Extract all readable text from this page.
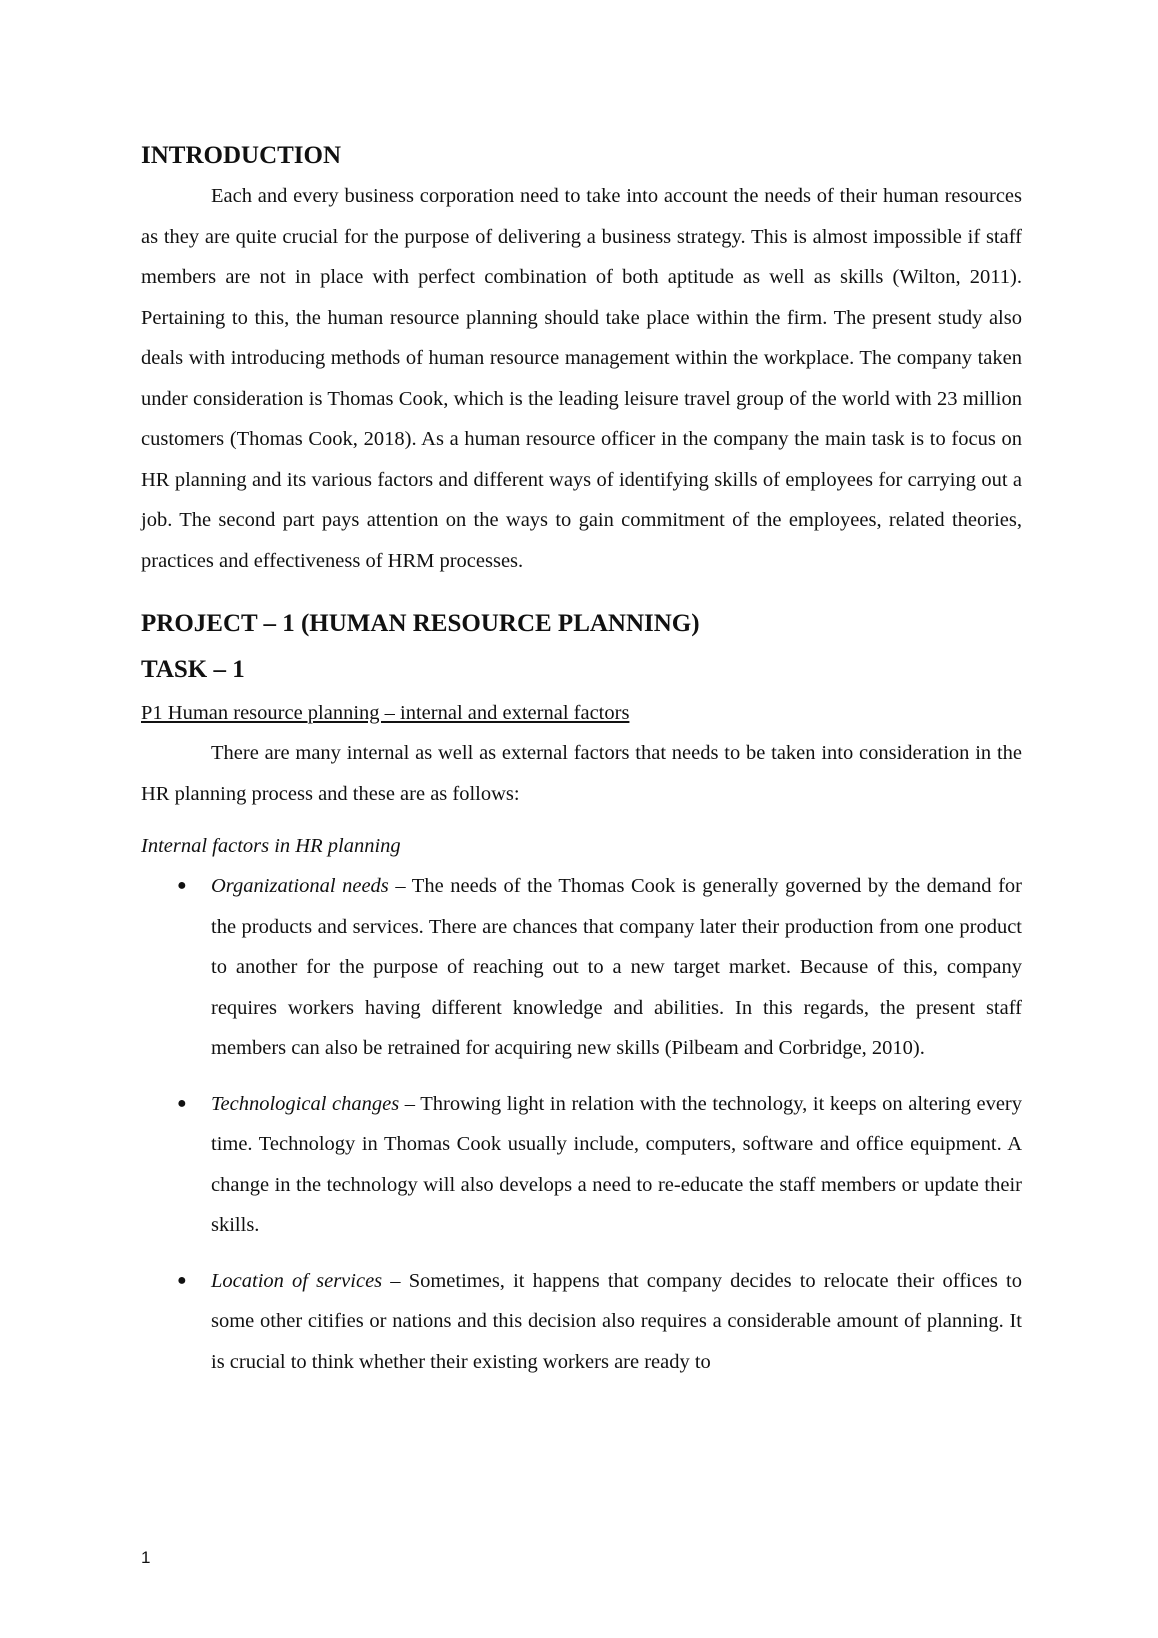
INTRODUCTION

Each and every business corporation need to take into account the needs of their human resources as they are quite crucial for the purpose of delivering a business strategy. This is almost impossible if staff members are not in place with perfect combination of both aptitude as well as skills (Wilton, 2011). Pertaining to this, the human resource planning should take place within the firm. The present study also deals with introducing methods of human resource management within the workplace. The company taken under consideration is Thomas Cook, which is the leading leisure travel group of the world with 23 million customers (Thomas Cook, 2018). As a human resource officer in the company the main task is to focus on HR planning and its various factors and different ways of identifying skills of employees for carrying out a job. The second part pays attention on the ways to gain commitment of the employees, related theories, practices and effectiveness of HRM processes.

PROJECT – 1 (HUMAN RESOURCE PLANNING)
TASK – 1

P1 Human resource planning – internal and external factors

There are many internal as well as external factors that needs to be taken into consideration in the HR planning process and these are as follows:

Internal factors in HR planning

● Organizational needs – The needs of the Thomas Cook is generally governed by the demand for the products and services. There are chances that company later their production from one product to another for the purpose of reaching out to a new target market. Because of this, company requires workers having different knowledge and abilities. In this regards, the present staff members can also be retrained for acquiring new skills (Pilbeam and Corbridge, 2010).
● Technological changes – Throwing light in relation with the technology, it keeps on altering every time. Technology in Thomas Cook usually include, computers, software and office equipment. A change in the technology will also develops a need to re-educate the staff members or update their skills.
● Location of services – Sometimes, it happens that company decides to relocate their offices to some other citifies or nations and this decision also requires a considerable amount of planning. It is crucial to think whether their existing workers are ready to
1
